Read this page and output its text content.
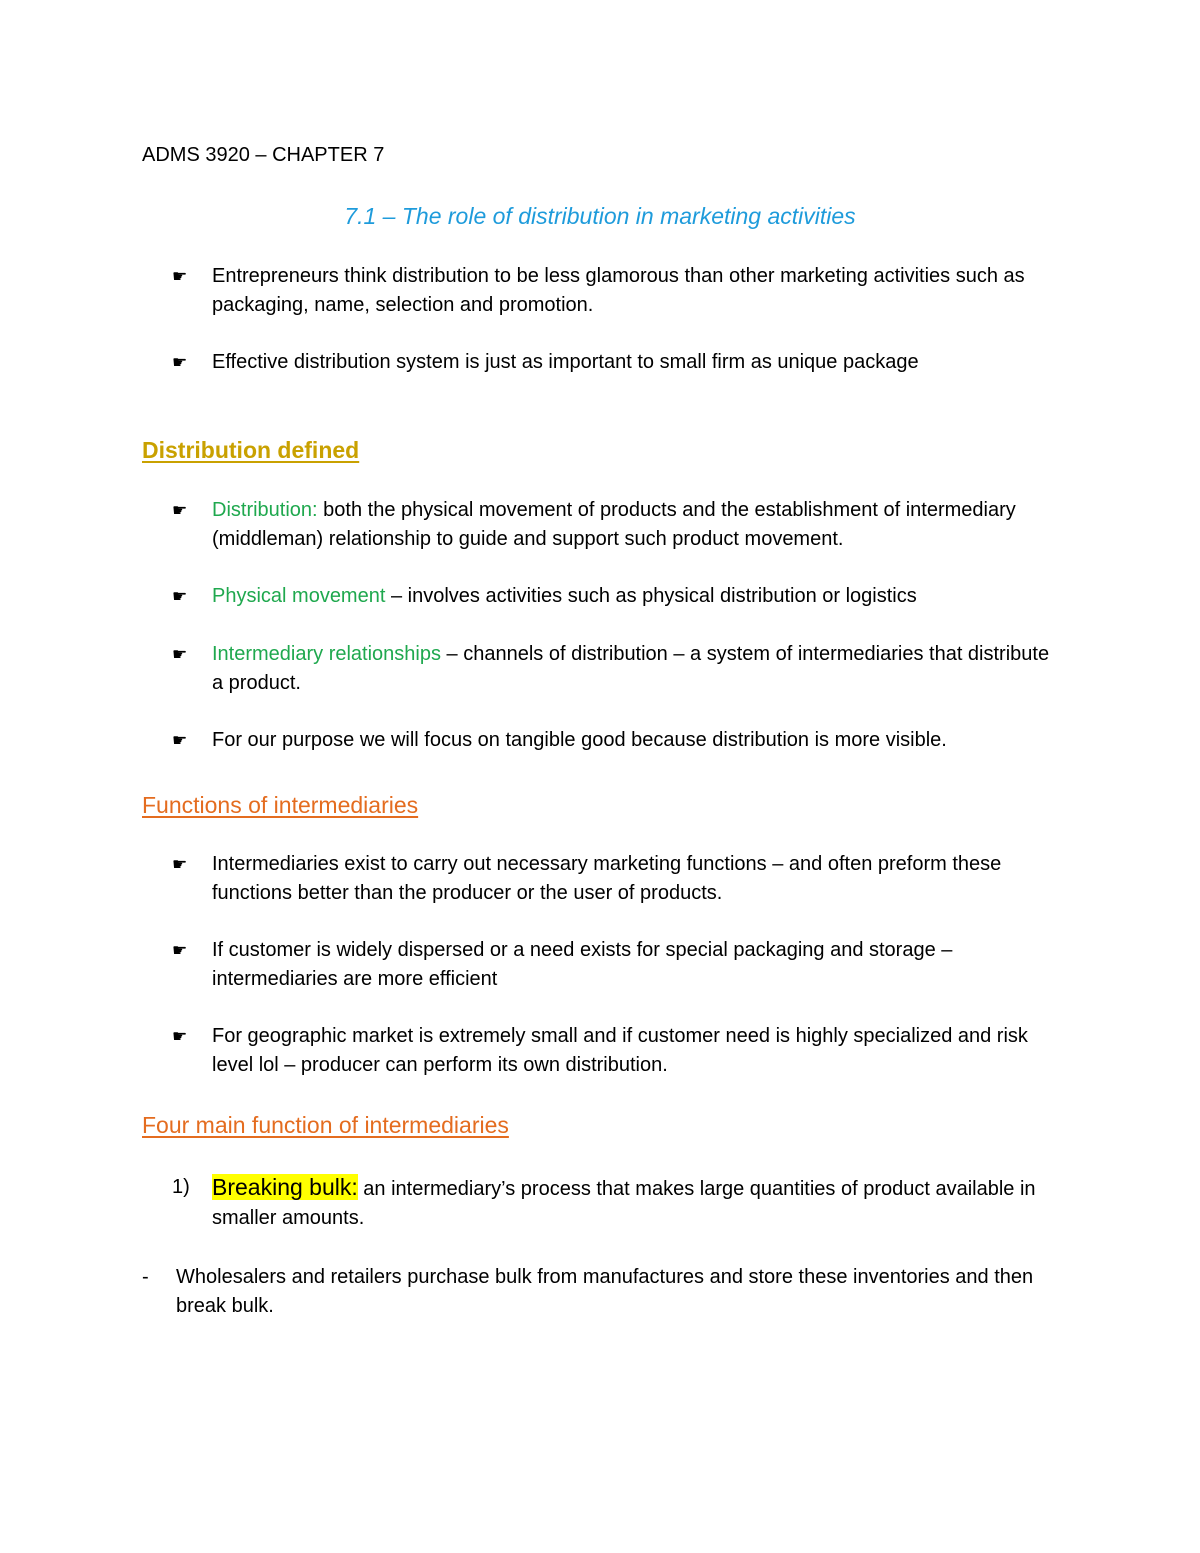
ADMS 3920 – CHAPTER 7
7.1 – The role of distribution in marketing activities
☛	Entrepreneurs think distribution to be less glamorous than other marketing activities such as packaging, name, selection and promotion.
☛	Effective distribution system is just as important to small firm as unique package
Distribution defined
☛	Distribution: both the physical movement of products and the establishment of intermediary (middleman) relationship to guide and support such product movement.
☛	Physical movement – involves activities such as physical distribution or logistics
☛	Intermediary relationships – channels of distribution – a system of intermediaries that distribute a product.
☛	For our purpose we will focus on tangible good because distribution is more visible.
Functions of intermediaries
☛	Intermediaries exist to carry out necessary marketing functions – and often preform these functions better than the producer or the user of products.
☛	If customer is widely dispersed or a need exists for special packaging and storage – intermediaries are more efficient
☛	For geographic market is extremely small and if customer need is highly specialized and risk level lol – producer can perform its own distribution.
Four main function of intermediaries
1) Breaking bulk: an intermediary’s process that makes large quantities of product available in smaller amounts.
-	Wholesalers and retailers purchase bulk from manufactures and store these inventories and then break bulk.
